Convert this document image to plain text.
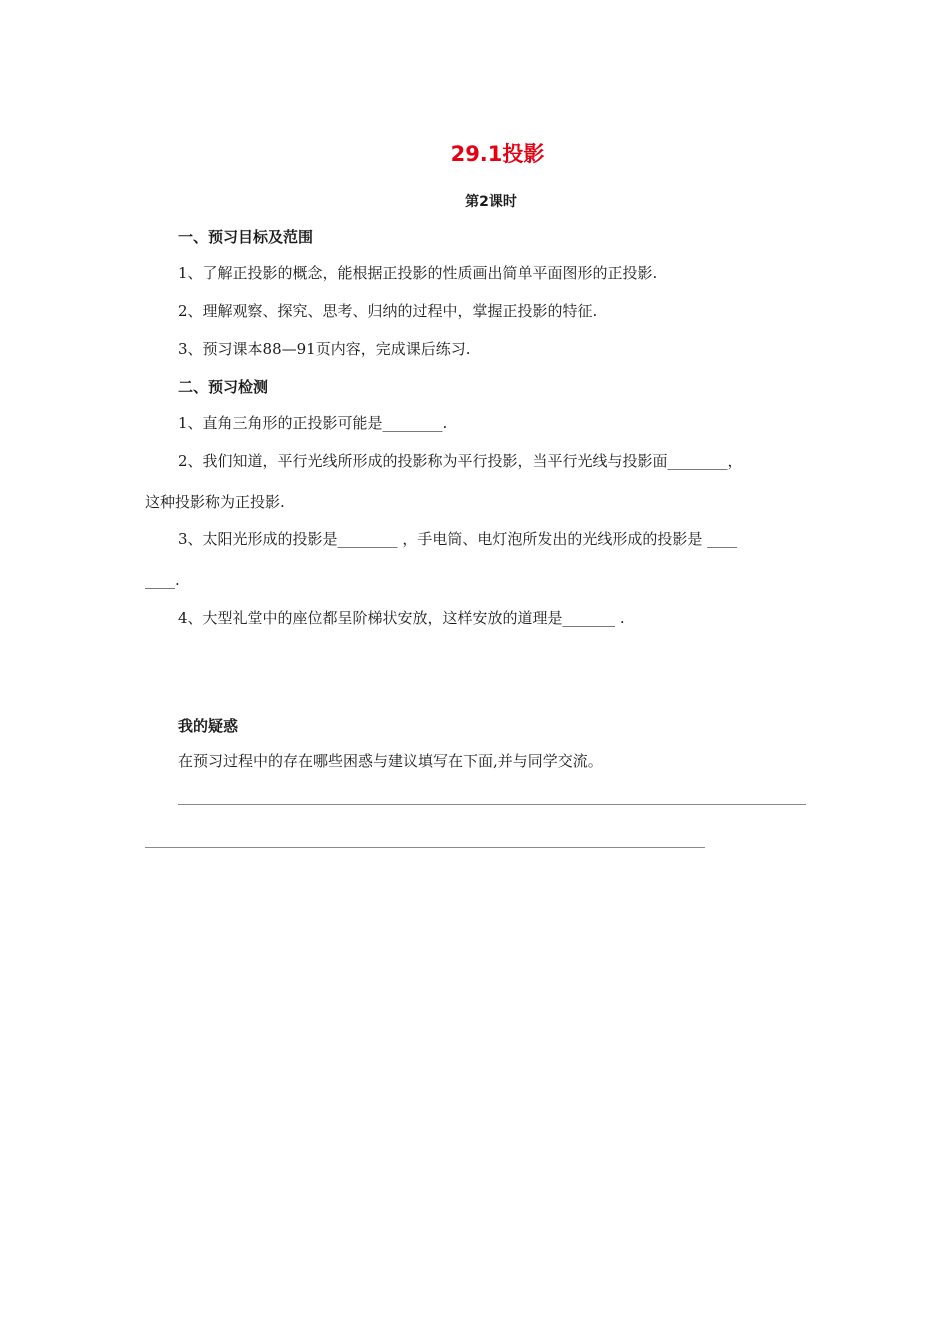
29.1投影
第2课时
一、预习目标及范围
1、了解正投影的概念，能根据正投影的性质画出简单平面图形的正投影.
2、理解观察、探究、思考、归纳的过程中，掌握正投影的特征.
3、预习课本88—91页内容，完成课后练习.
二、预习检测
1、直角三角形的正投影可能是________.
2、我们知道，平行光线所形成的投影称为平行投影，当平行光线与投影面________，
这种投影称为正投影.
3、太阳光形成的投影是________ ，手电筒、电灯泡所发出的光线形成的投影是 ____
____.
4、大型礼堂中的座位都呈阶梯状安放，这样安放的道理是_______ .
我的疑惑
在预习过程中的存在哪些困惑与建议填写在下面,并与同学交流。
